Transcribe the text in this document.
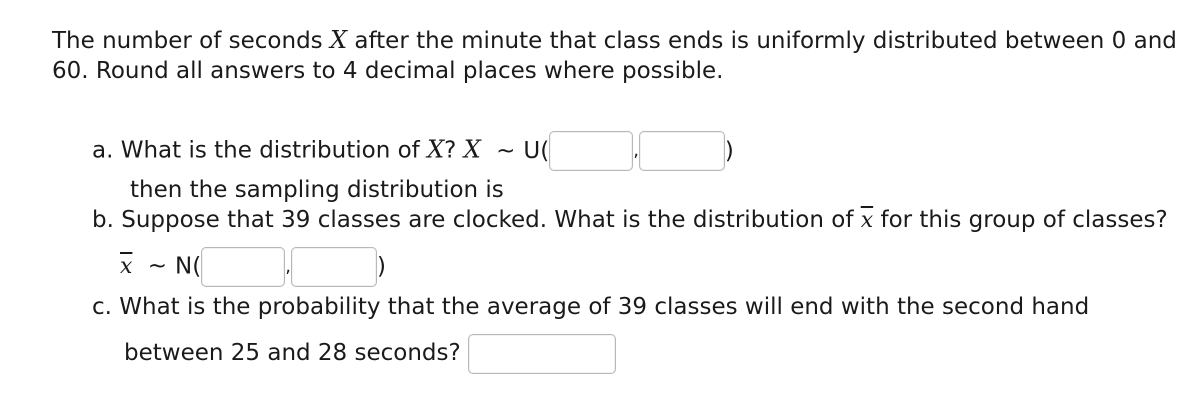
The number of seconds X after the minute that class ends is uniformly distributed between 0 and
60. Round all answers to 4 decimal places where possible.
a. What is the distribution of X? X ~ U(	,	)
then the sampling distribution is
b. Suppose that 39 classes are clocked. What is the distribution of $\overline{x}$ for this group of classes?
$\overline{x}$ ~ N(	,	)
c. What is the probability that the average of 39 classes will end with the second hand
between 25 and 28 seconds?
